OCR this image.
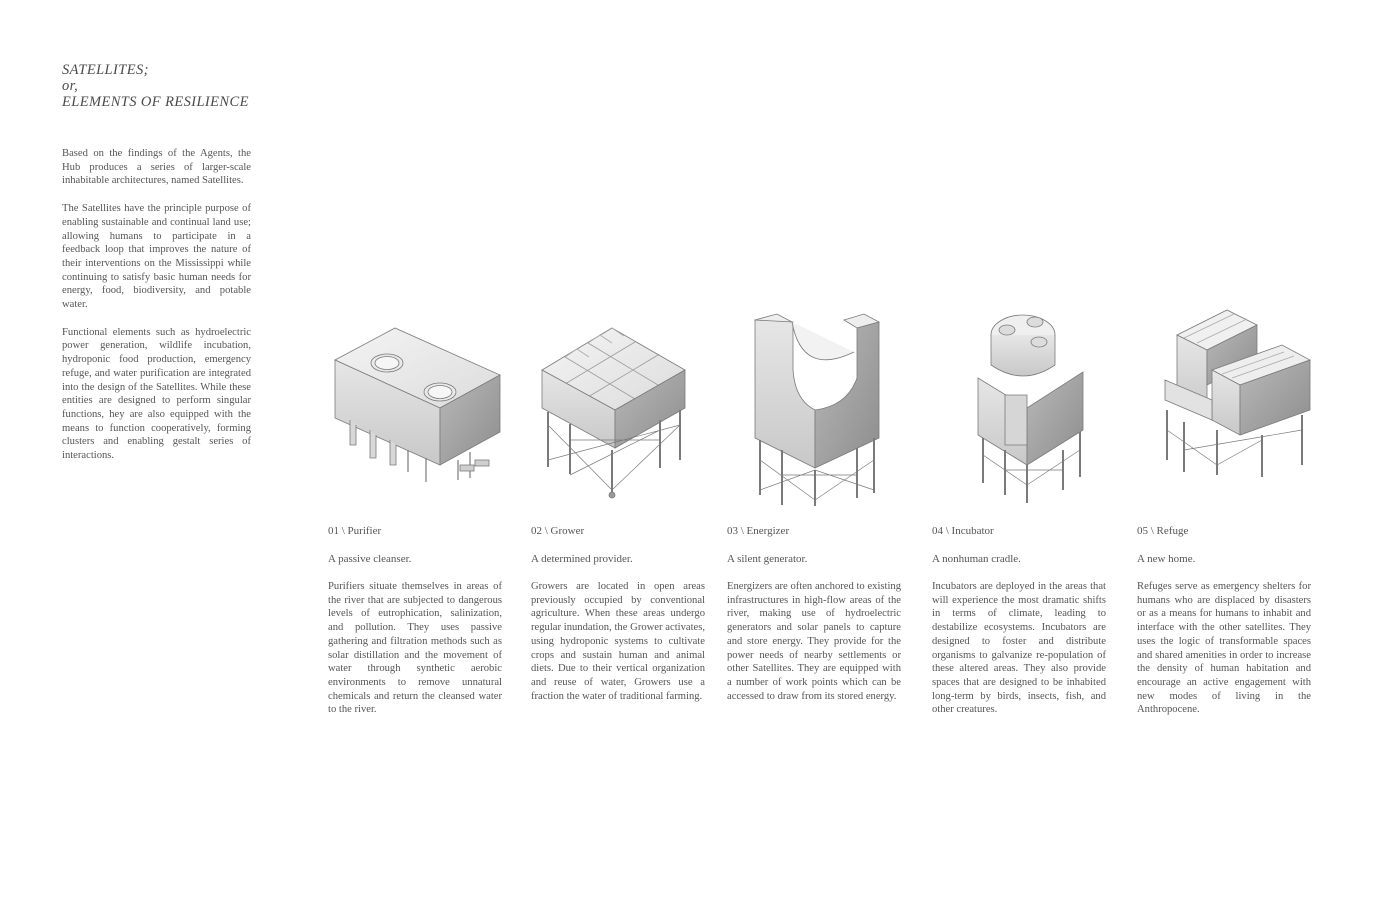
SATELLITES;
or,
ELEMENTS OF RESILIENCE

Based on the findings of the Agents, the Hub produces a series of larger-scale inhabitable architectures, named Satellites.

The Satellites have the principle purpose of enabling sustainable and continual land use; allowing humans to participate in a feedback loop that improves the nature of their interventions on the Mississippi while continuing to satisfy basic human needs for energy, food, biodiversity, and potable water.

Functional elements such as hydroelectric power generation, wildlife incubation, hydroponic food production, emergency refuge, and water purification are integrated into the design of the Satellites. While these entities are designed to perform singular functions, hey are also equipped with the means to function cooperatively, forming clusters and enabling gestalt series of interactions.

01 \ Purifier
A passive cleanser.

Purifiers situate themselves in areas of the river that are subjected to dangerous levels of eutrophication, salinization, and pollution. They uses passive gathering and filtration methods such as solar distillation and the movement of water through synthetic aerobic environments to remove unnatural chemicals and return the cleansed water to the river.

02 \ Grower
A determined provider.

Growers are located in open areas previously occupied by conventional agriculture. When these areas undergo regular inundation, the Grower activates, using hydroponic systems to cultivate crops and sustain human and animal diets. Due to their vertical organization and reuse of water, Growers use a fraction the water of traditional farming.

03 \ Energizer
A silent generator.

Energizers are often anchored to existing infrastructures in high-flow areas of the river, making use of hydroelectric generators and solar panels to capture and store energy. They provide for the power needs of nearby settlements or other Satellites. They are equipped with a number of work points which can be accessed to draw from its stored energy.

04 \ Incubator
A nonhuman cradle.

Incubators are deployed in the areas that will experience the most dramatic shifts in terms of climate, leading to destabilize ecosystems. Incubators are designed to foster and distribute organisms to galvanize re-population of these altered areas. They also provide spaces that are designed to be inhabited long-term by birds, insects, fish, and other creatures.

05 \ Refuge
A new home.

Refuges serve as emergency shelters for humans who are displaced by disasters or as a means for humans to inhabit and interface with the other satellites. They uses the logic of transformable spaces and shared amenities in order to increase the density of human habitation and encourage an active engagement with new modes of living in the Anthropocene.
